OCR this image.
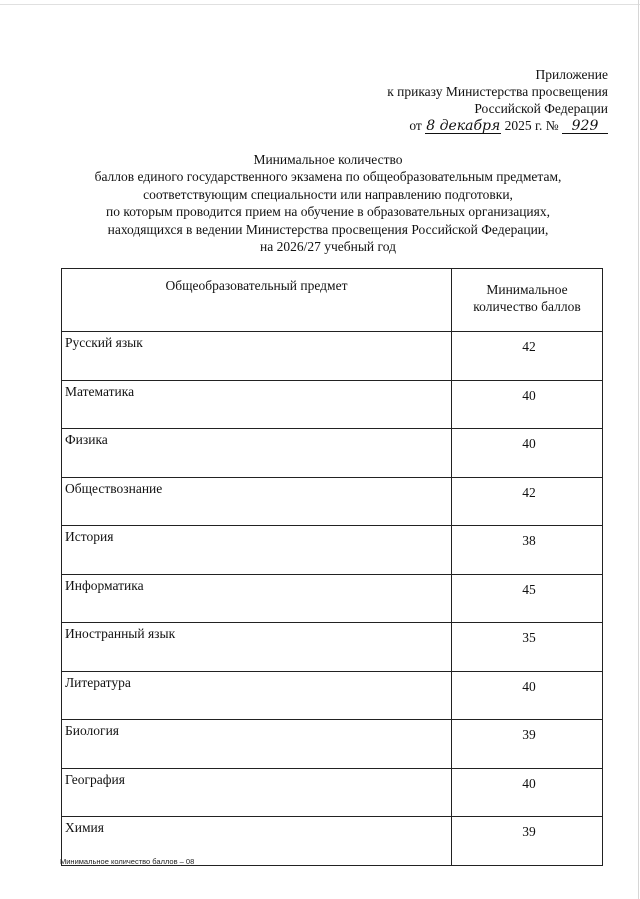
Приложение
к приказу Министерства просвещения
Российской Федерации
от 8 декабря 2025 г. № 929
Минимальное количество
баллов единого государственного экзамена по общеобразовательным предметам,
соответствующим специальности или направлению подготовки,
по которым проводится прием на обучение в образовательных организациях,
находящихся в ведении Министерства просвещения Российской Федерации,
на 2026/27 учебный год
Общеобразовательный предмет	Минимальное
количество баллов

Русский язык	42
Математика	40
Физика	40
Обществознание	42
История	38
Информатика	45
Иностранный язык	35
Литература	40
Биология	39
География	40
Химия	39
Минимальное количество баллов – 08
